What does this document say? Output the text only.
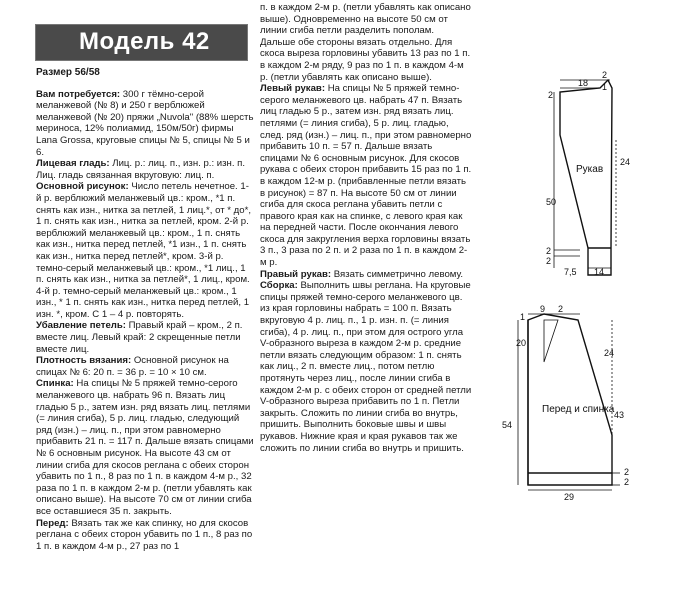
Модель 42
Размер 56/58

Вам потребуется: 300 г тёмно-серой меланжевой (№ 8) и 250 г верблюжей меланжевой (№ 20) пряжи „Nuvola" (88% шерсть мериноса, 12% полиамид, 150м/50г) фирмы Lana Grossa, круговые спицы № 5, спицы № 5 и 6.

Лицевая гладь: Лиц. р.: лиц. п., изн. р.: изн. п. Лиц. гладь связанная вкруговую: лиц. п.

Основной рисунок: Число петель нечетное. 1-й р. верблюжий меланжевый цв.: кром., *1 п. снять как изн., нитка за петлей, 1 лиц.*, от * до*, 1 п. снять как изн., нитка за петлей, кром. 2-й р. верблюжий меланжевый цв.: кром., 1 п. снять как изн., нитка перед петлей, *1 изн., 1 п. снять как изн., нитка перед петлей*, кром. 3-й р. темно-серый меланжевый цв.: кром., *1 лиц., 1 п. снять как изн., нитка за петлей*, 1 лиц., кром. 4-й р. темно-серый меланжевый цв.: кром., 1 изн., * 1 п. снять как изн., нитка перед петлей, 1 изн. *, кром. С 1 – 4 р. повторять.

Убавление петель: Правый край – кром., 2 п. вместе лиц. Левый край: 2 скрещенные петли вместе лиц.

Плотность вязания: Основной рисунок на спицах № 6: 20 п. = 36 р. = 10 × 10 см.

Спинка: На спицы № 5 пряжей темно-серого меланжевого цв. набрать 96 п. Вязать лиц гладью 5 р., затем изн. ряд вязать лиц. петлями (= линия сгиба), 5 р. лиц. гладью, следующий ряд (изн.) – лиц. п., при этом равномерно прибавить 21 п. = 117 п. Дальше вязать спицами № 6 основным рисунок. На высоте 43 см от линии сгиба для скосов реглана с обеих сторон убавить по 1 п., 8 раз по 1 п. в каждом 4-м р., 32 раза по 1 п. в каждом 2-м р. (петли убавлять как описано выше). На высоте 70 см от линии сгиба все оставшиеся 35 п. закрыть.

Перед: Вязать так же как спинку, но для скосов реглана с обеих сторон убавить по 1 п., 8 раз по 1 п. в каждом 4-м р., 27 раз по 1

п. в каждом 2-м р. (петли убавлять как описано выше). Одновременно на высоте 50 см от линии сгиба петли разделить пополам. Дальше обе стороны вязать отдельно. Для скоса выреза горловины убавить 13 раз по 1 п. в каждом 2-м ряду, 9 раз по 1 п. в каждом 4-м р. (петли убавлять как описано выше).

Левый рукав: На спицы № 5 пряжей темно-серого меланжевого цв. набрать 47 п. Вязать лиц гладью 5 р., затем изн. ряд вязать лиц. петлями (= линия сгиба), 5 р. лиц. гладью, след. ряд (изн.) – лиц. п., при этом равномерно прибавить 10 п. = 57 п. Дальше вязать спицами № 6 основным рисунок. Для скосов рукава с обеих сторон прибавить 15 раз по 1 п. в каждом 12-м р. (прибавленные петли вязать в рисунок) = 87 п. На высоте 50 см от линии сгиба для скоса реглана убавить петли с правого края как на спинке, с левого края как на передней части. После окончания левого скоса для закругления верха горловины вязать 3 п., 3 раза по 2 п. и 2 раза по 1 п. в каждом 2-м р.

Правый рукав: Вязать симметрично левому.

Сборка: Выполнить швы реглана. На круговые спицы пряжей темно-серого меланжевого цв. из края горловины набрать = 100 п. Вязать вкруговую 4 р. лиц. п., 1 р. изн. п. (= линия сгиба), 4 р. лиц. п., при этом для острого угла V-образного выреза в каждом 2-м р. средние петли вязать следующим образом: 1 п. снять как лиц., 2 п. вместе лиц., потом петлю протянуть через лиц., после линии сгиба в каждом 2-м р. с обеих сторон от средней петли V-образного выреза прибавить по 1 п. Петли закрыть. Сложить по линии сгиба во внутрь, пришить. Выполнить боковые швы и швы рукавов. Нижние края и края рукавов так же сложить по линии сгиба во внутрь и пришить.

2
18
2
1
50
24
14
7,5
2
2
Рукав
1
9 2
20
24
43
54
29
2
2
Перед и спинка
